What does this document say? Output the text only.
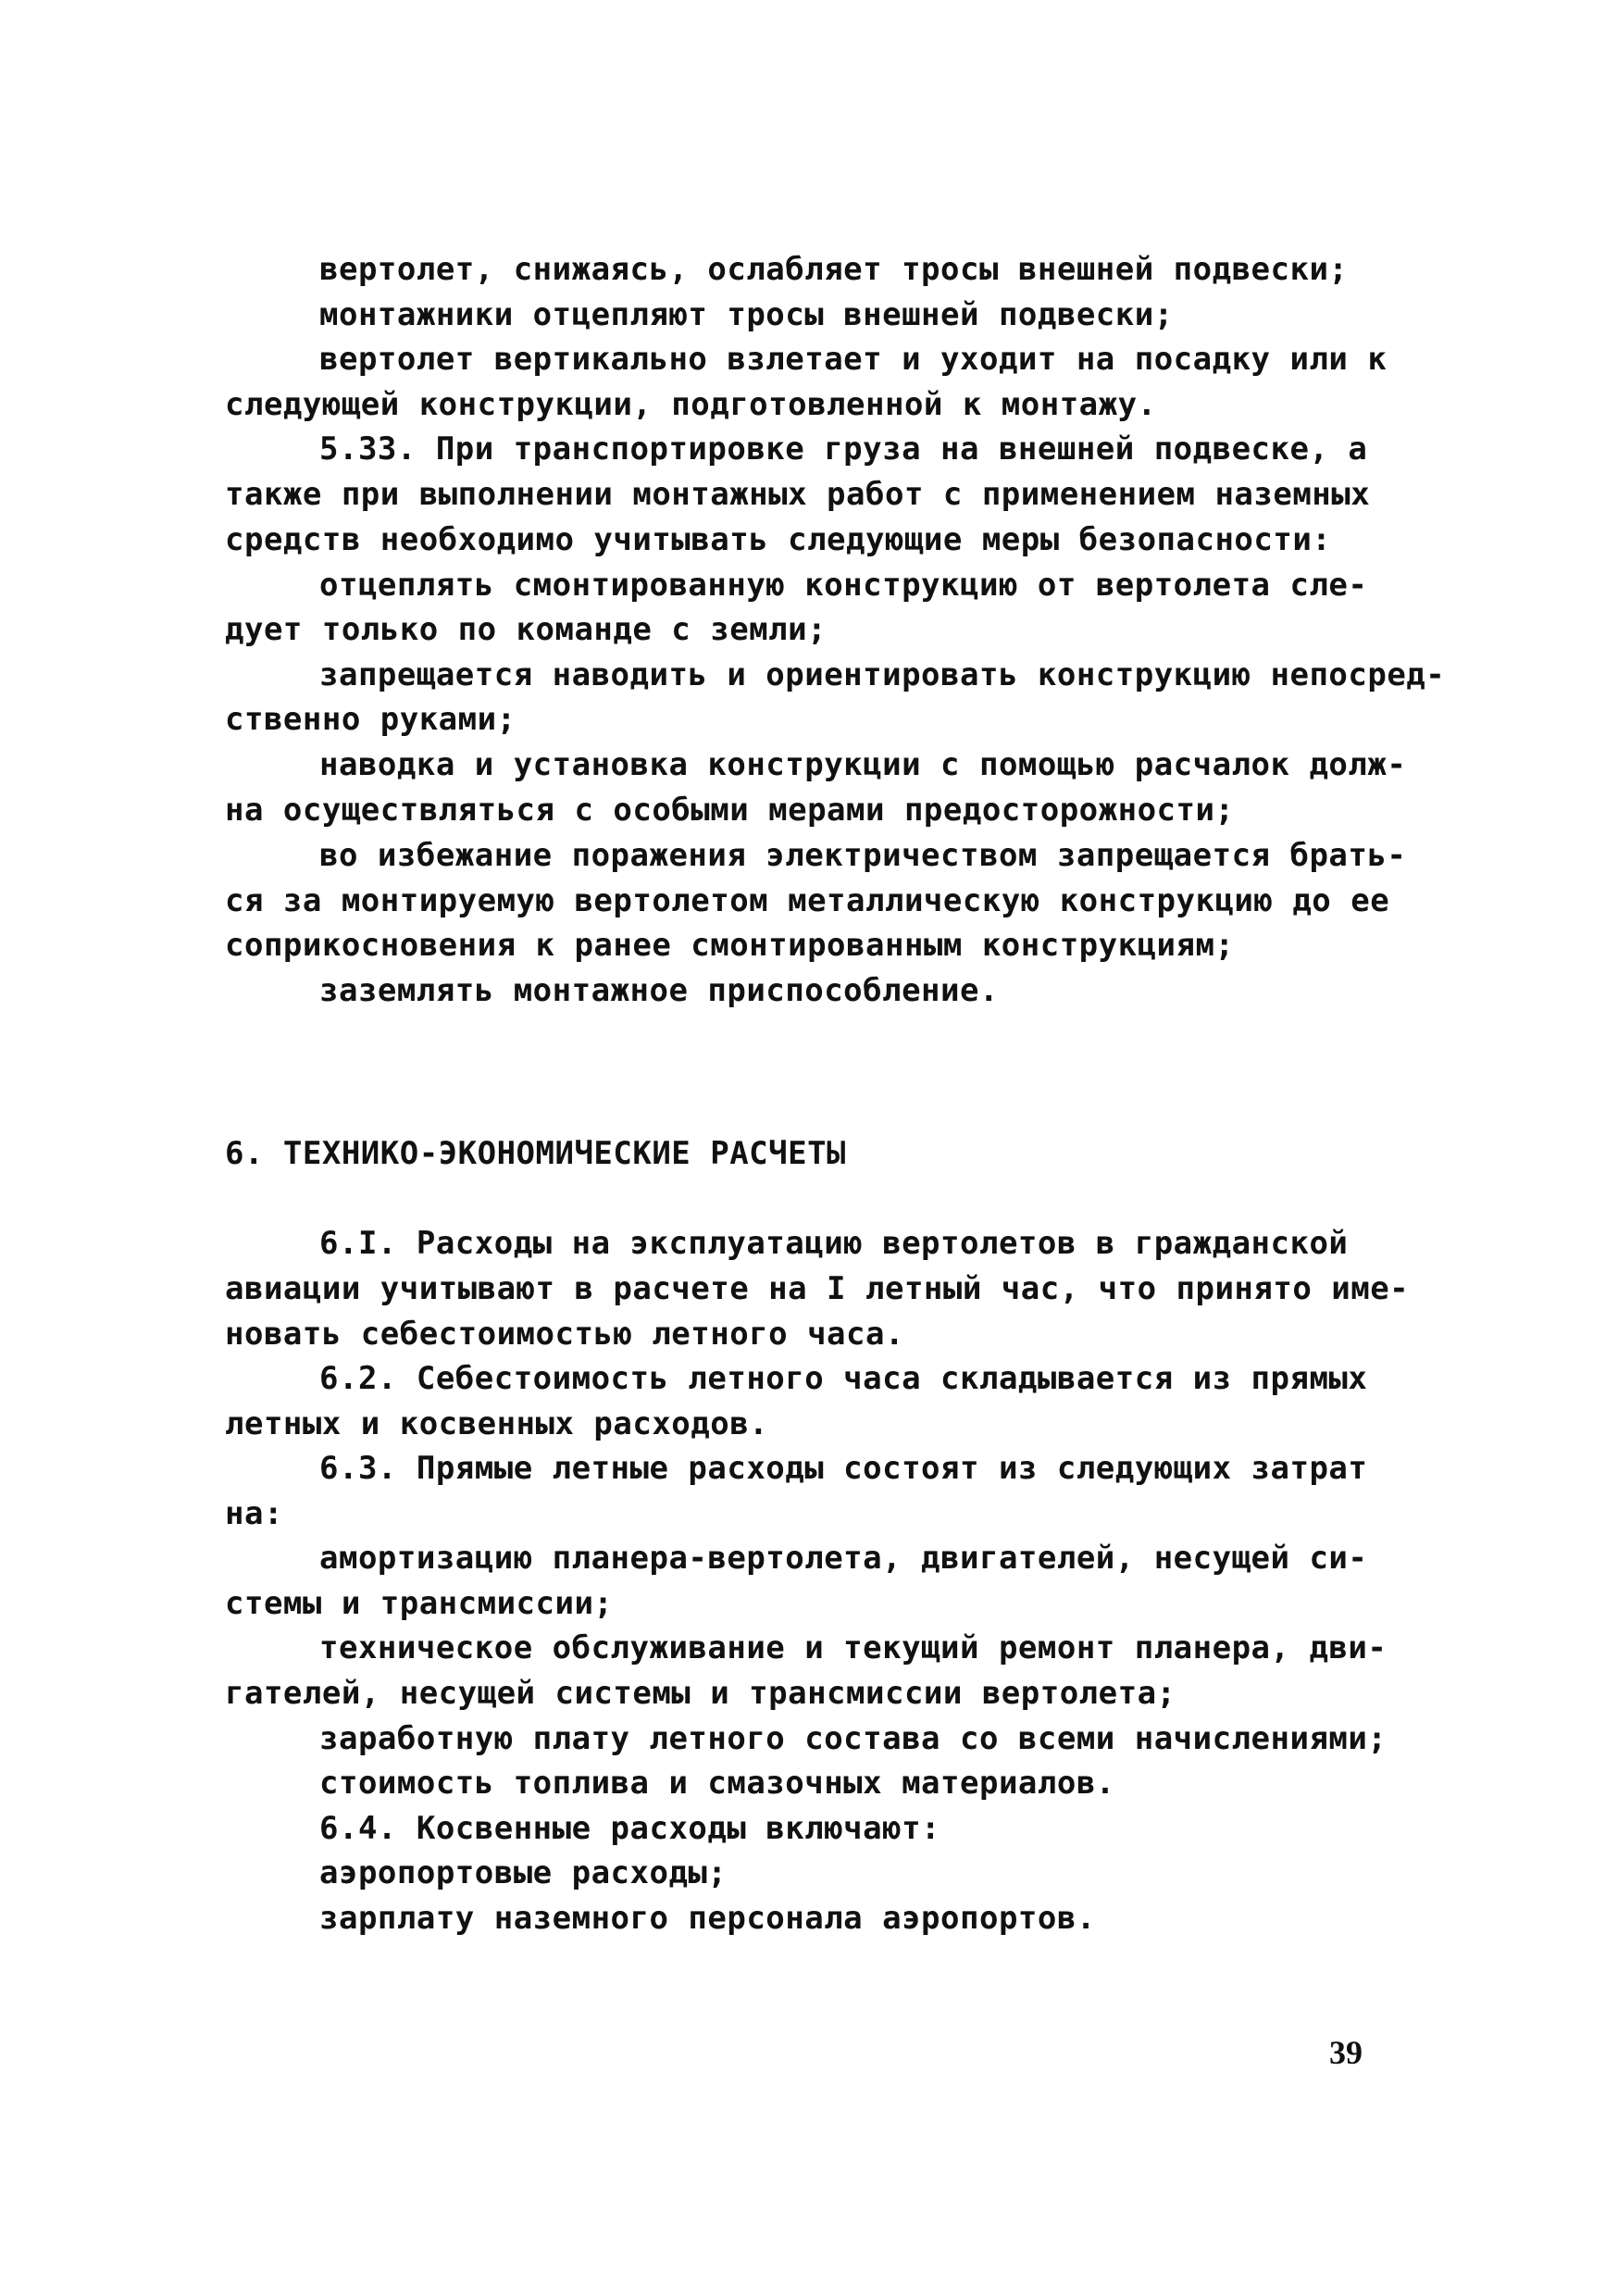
вертолет, снижаясь, ослабляет тросы внешней подвески;
монтажники отцепляют тросы внешней подвески;
вертолет вертикально взлетает и уходит на посадку или к
следующей конструкции, подготовленной к монтажу.
5.33. При транспортировке груза на внешней подвеске, а
также при выполнении монтажных работ с применением наземных
средств необходимо учитывать следующие меры безопасности:
отцеплять смонтированную конструкцию от вертолета сле-
дует только по команде с земли;
запрещается наводить и ориентировать конструкцию непосред-
ственно руками;
наводка и установка конструкции с помощью расчалок долж-
на осуществляться с особыми мерами предосторожности;
во избежание поражения электричеством запрещается брать-
ся за монтируемую вертолетом металлическую конструкцию до ее
соприкосновения к ранее смонтированным конструкциям;
заземлять монтажное приспособление.
6. ТЕХНИКО-ЭКОНОМИЧЕСКИЕ РАСЧЕТЫ
6.I. Расходы на эксплуатацию вертолетов в гражданской
авиации учитывают в расчете на I летный час, что принято име-
новать себестоимостью летного часа.
6.2. Себестоимость летного часа складывается из прямых
летных и косвенных расходов.
6.3. Прямые летные расходы состоят из следующих затрат
на:
амортизацию планера-вертолета, двигателей, несущей си-
стемы и трансмиссии;
техническое обслуживание и текущий ремонт планера, дви-
гателей, несущей системы и трансмиссии вертолета;
заработную плату летного состава со всеми начислениями;
стоимость топлива и смазочных материалов.
6.4. Косвенные расходы включают:
аэропортовые расходы;
зарплату наземного персонала аэропортов.
39
